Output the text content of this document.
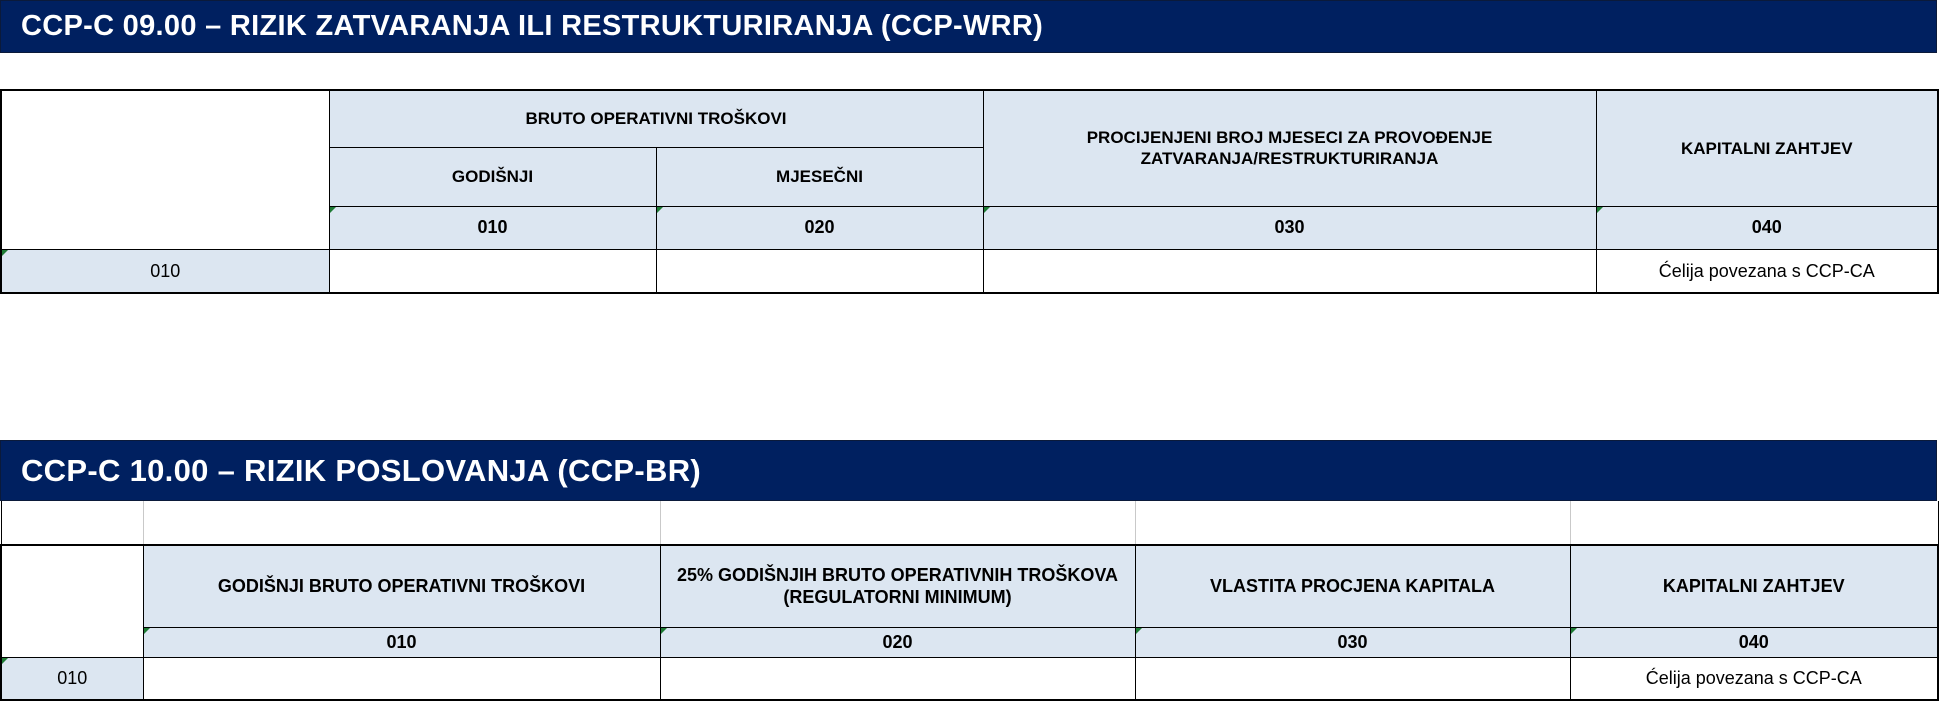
CCP-C 09.00 – RIZIK ZATVARANJA ILI RESTRUKTURIRANJA (CCP-WRR)
	BRUTO OPERATIVNI TROŠKOVI		PROCIJENJENI BROJ MJESECI ZA PROVOĐENJE ZATVARANJA/RESTRUKTURIRANJA	KAPITALNI ZAHTJEV
	GODIŠNJI	MJESEČNI		
	010	020	030	040
010				Ćelija povezana s CCP-CA
CCP-C 10.00 – RIZIK POSLOVANJA (CCP-BR)

	GODIŠNJI BRUTO OPERATIVNI TROŠKOVI	25% GODIŠNJIH BRUTO OPERATIVNIH TROŠKOVA (REGULATORNI MINIMUM)	VLASTITA PROCJENA KAPITALA	KAPITALNI ZAHTJEV
	010	020	030	040
010				Ćelija povezana s CCP-CA
